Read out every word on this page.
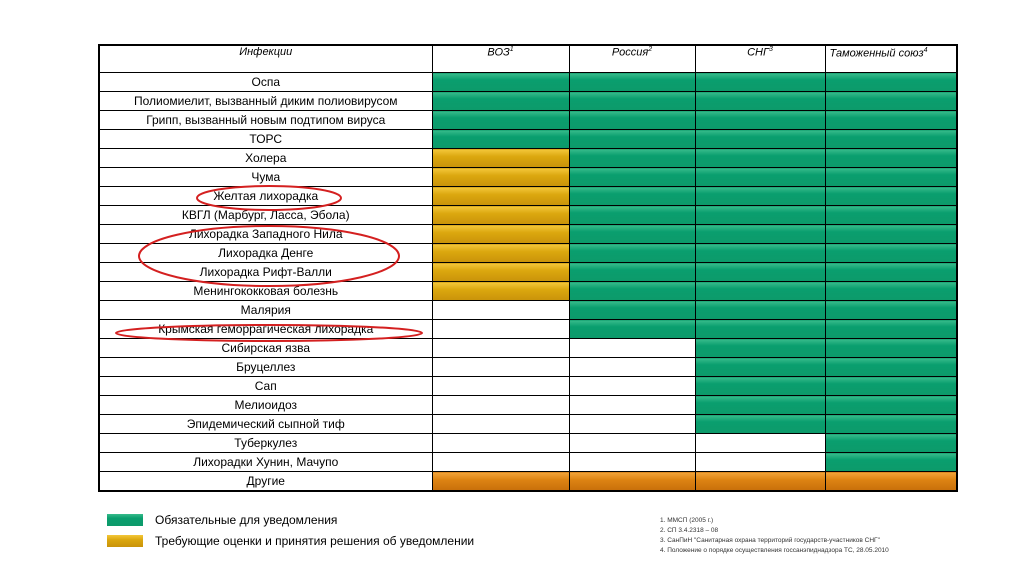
Инфекции	ВОЗ$^1$	Россия$^2$	СНГ$^3$	Таможенный союз$^4$
Оспа				
Полиомиелит, вызванный диким полиовирусом				
Грипп, вызванный новым подтипом вируса				
ТОРС				
Холера				
Чума				
Желтая лихорадка				
КВГЛ (Марбург, Ласса, Эбола)				
Лихорадка Западного Нила				
Лихорадка Денге				
Лихорадка Рифт-Валли				
Менингококковая болезнь				
Малярия				
Крымская геморрагическая лихорадка				
Сибирская язва				
Бруцеллез				
Сап				
Мелиоидоз				
Эпидемический сыпной тиф				
Туберкулез				
Лихорадки Хунин, Мачупо				
Другие				
Обязательные для уведомления
Требующие оценки и принятия решения об уведомлении
1. ММСП (2005 г.)
2. СП 3.4.2318 – 08
3. СанПиН "Санитарная охрана территорий государств-участников СНГ"
4. Положение о порядке осуществления госсанэпиднадзора ТС, 28.05.2010
